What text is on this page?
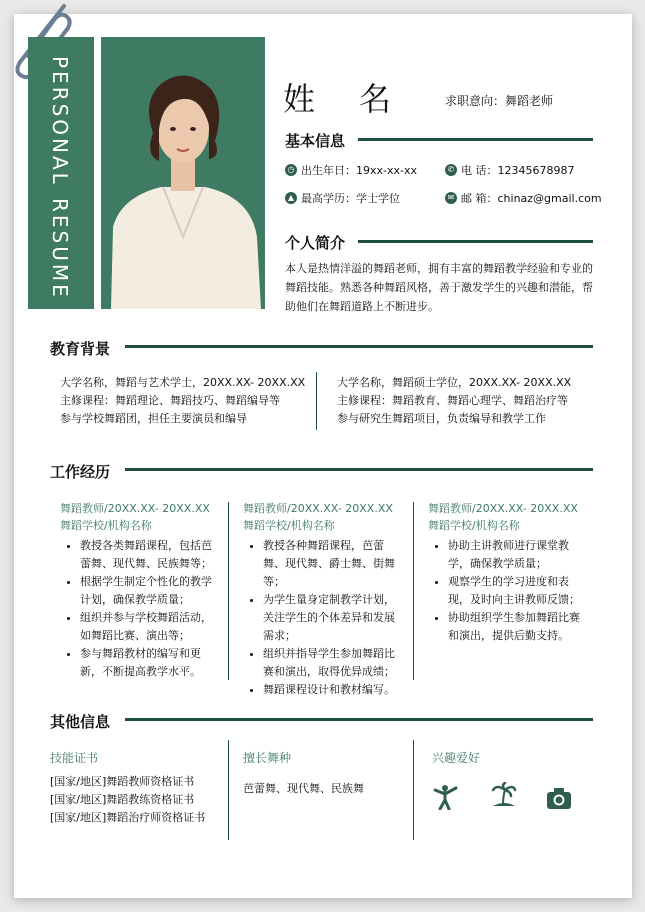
PERSONAL
RESUME
姓名 求职意向：舞蹈老师
基本信息
◷ 出生年日：19xx-xx-xx	✆ 电 话：12345678987
▲ 最高学历：学士学位	✉ 邮 箱：chinaz@gmail.com
个人简介
本人是热情洋溢的舞蹈老师，拥有丰富的舞蹈教学经验和专业的舞蹈技能。熟悉各种舞蹈风格，善于激发学生的兴趣和潜能，帮助他们在舞蹈道路上不断进步。
教育背景
大学名称，舞蹈与艺术学士，20XX.XX- 20XX.XX
主修课程：舞蹈理论、舞蹈技巧、舞蹈编导等
参与学校舞蹈团，担任主要演员和编导
大学名称，舞蹈硕士学位，20XX.XX- 20XX.XX
主修课程：舞蹈教育、舞蹈心理学、舞蹈治疗等
参与研究生舞蹈项目，负责编导和教学工作
工作经历
舞蹈教师/20XX.XX- 20XX.XX
舞蹈学校/机构名称
• 教授各类舞蹈课程，包括芭蕾舞、现代舞、民族舞等；
• 根据学生制定个性化的教学计划，确保教学质量；
• 组织并参与学校舞蹈活动，如舞蹈比赛、演出等；
• 参与舞蹈教材的编写和更新，不断提高教学水平。
舞蹈教师/20XX.XX- 20XX.XX
舞蹈学校/机构名称
• 教授各种舞蹈课程，芭蕾舞、现代舞、爵士舞、街舞等；
• 为学生量身定制教学计划，关注学生的个体差异和发展需求；
• 组织并指导学生参加舞蹈比赛和演出，取得优异成绩；
• 舞蹈课程设计和教材编写。
舞蹈教师/20XX.XX- 20XX.XX
舞蹈学校/机构名称
• 协助主讲教师进行课堂教学，确保教学质量；
• 观察学生的学习进度和表现，及时向主讲教师反馈；
• 协助组织学生参加舞蹈比赛和演出，提供后勤支持。
其他信息
技能证书
[国家/地区]舞蹈教师资格证书
[国家/地区]舞蹈教练资格证书
[国家/地区]舞蹈治疗师资格证书
擅长舞种
芭蕾舞、现代舞、民族舞
兴趣爱好
